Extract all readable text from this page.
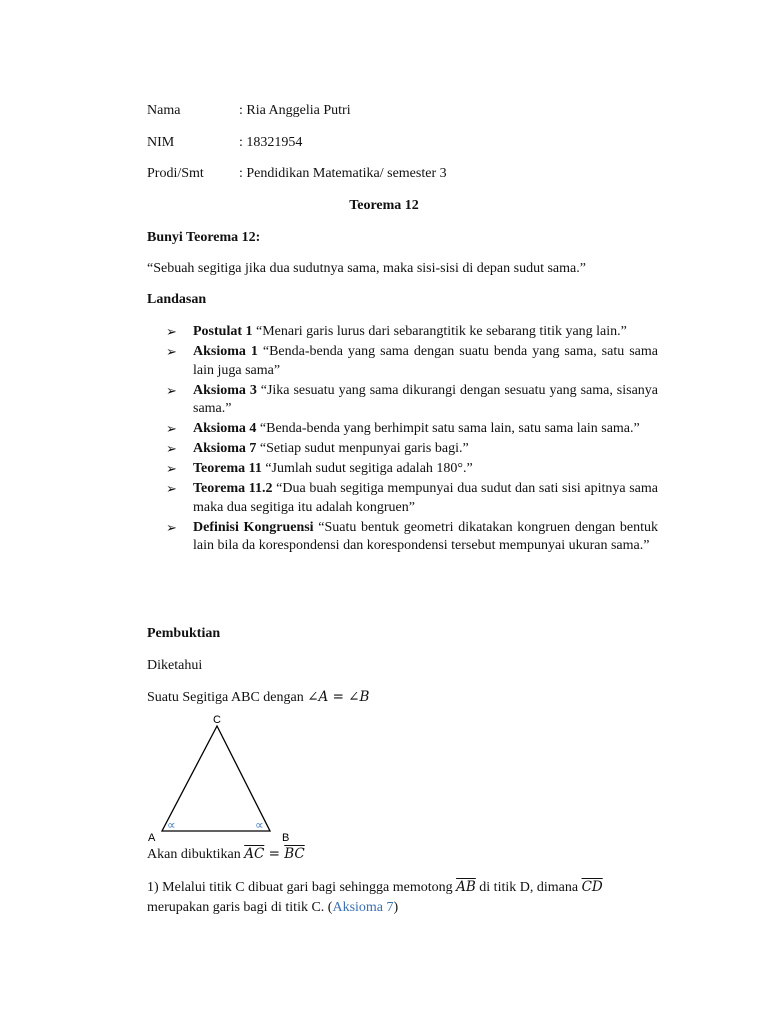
Nama	: Ria Anggelia Putri
NIM	: 18321954
Prodi/Smt	: Pendidikan Matematika/ semester 3
Teorema 12
Bunyi Teorema 12:
“Sebuah segitiga jika dua sudutnya sama, maka sisi-sisi di depan sudut sama.”
Landasan
➢ Postulat 1 “Menari garis lurus dari sebarangtitik ke sebarang titik yang lain.”
➢ Aksioma 1 “Benda-benda yang sama dengan suatu benda yang sama, satu sama lain juga sama”
➢ Aksioma 3 “Jika sesuatu yang sama dikurangi dengan sesuatu yang sama, sisanya sama.”
➢ Aksioma 4 “Benda-benda yang berhimpit satu sama lain, satu sama lain sama.”
➢ Aksioma 7 “Setiap sudut menpunyai garis bagi.”
➢ Teorema 11 “Jumlah sudut segitiga adalah 180°.”
➢ Teorema 11.2 “Dua buah segitiga mempunyai dua sudut dan sati sisi apitnya sama maka dua segitiga itu adalah kongruen”
➢ Definisi Kongruensi “Suatu bentuk geometri dikatakan kongruen dengan bentuk lain bila da korespondensi dan korespondensi tersebut mempunyai ukuran sama.”
Pembuktian
Diketahui
Suatu Segitiga ABC dengan ∠A = ∠B
C
A	B
∝	∝
Akan dibuktikan $\overline{AC} = \overline{BC}$
1) Melalui titik C dibuat gari bagi sehingga memotong $\overline{AB}$ di titik D, dimana $\overline{CD}$
merupakan garis bagi di titik C. (Aksioma 7)
